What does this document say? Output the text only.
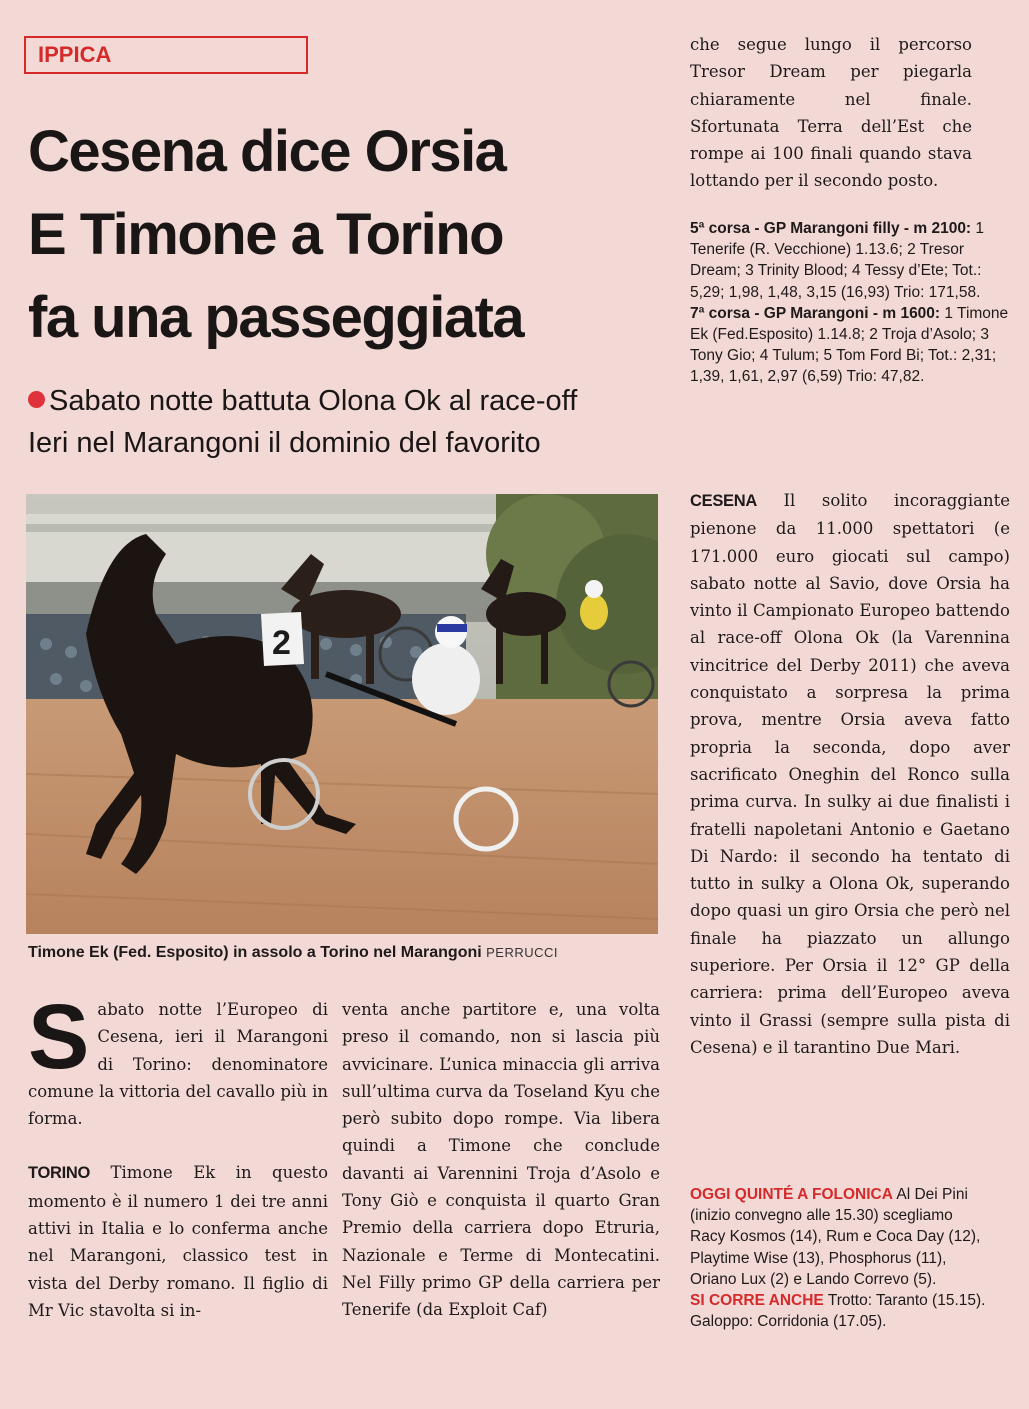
IPPICA
Cesena dice Orsia
E Timone a Torino
fa una passeggiata
Sabato notte battuta Olona Ok al race-off
Ieri nel Marangoni il dominio del favorito
2
Timone Ek (Fed. Esposito) in assolo a Torino nel Marangoni PERRUCCI

Sabato notte l’Europeo di Cesena, ieri il Marangoni di Torino: denominatore comune la vittoria del cavallo più in forma.

TORINO Timone Ek in questo momento è il numero 1 dei tre anni attivi in Italia e lo conferma anche nel Marangoni, classico test in vista del Derby romano. Il figlio di Mr Vic stavolta si in-

venta anche partitore e, una volta preso il comando, non si lascia più avvicinare. L’unica minaccia gli arriva sull’ultima curva da Toseland Kyu che però subito dopo rompe. Via libera quindi a Timone che conclude davanti ai Varennini Troja d’Asolo e Tony Giò e conquista il quarto Gran Premio della carriera dopo Etruria, Nazionale e Terme di Montecatini. Nel Filly primo GP della carriera per Tenerife (da Exploit Caf)

che segue lungo il percorso Tresor Dream per piegarla chiaramente nel finale. Sfortunata Terra dell’Est che rompe ai 100 finali quando stava lottando per il secondo posto.

5ª corsa - GP Marangoni filly - m 2100: 1 Tenerife (R. Vecchione) 1.13.6; 2 Tresor Dream; 3 Trinity Blood; 4 Tessy d’Ete; Tot.: 5,29; 1,98, 1,48, 3,15 (16,93) Trio: 171,58.

7ª corsa - GP Marangoni - m 1600: 1 Timone Ek (Fed.Esposito) 1.14.8; 2 Troja d’Asolo; 3 Tony Gio; 4 Tulum; 5 Tom Ford Bi; Tot.: 2,31; 1,39, 1,61, 2,97 (6,59) Trio: 47,82.

CESENA Il solito incoraggiante pienone da 11.000 spettatori (e 171.000 euro giocati sul campo) sabato notte al Savio, dove Orsia ha vinto il Campionato Europeo battendo al race-off Olona Ok (la Varennina vincitrice del Derby 2011) che aveva conquistato a sorpresa la prima prova, mentre Orsia aveva fatto propria la seconda, dopo aver sacrificato Oneghin del Ronco sulla prima curva. In sulky ai due finalisti i fratelli napoletani Antonio e Gaetano Di Nardo: il secondo ha tentato di tutto in sulky a Olona Ok, superando dopo quasi un giro Orsia che però nel finale ha piazzato un allungo superiore. Per Orsia il 12° GP della carriera: prima dell’Europeo aveva vinto il Grassi (sempre sulla pista di Cesena) e il tarantino Due Mari.

OGGI QUINTÉ A FOLONICA Al Dei Pini (inizio convegno alle 15.30) scegliamo Racy Kosmos (14), Rum e Coca Day (12), Playtime Wise (13), Phosphorus (11), Oriano Lux (2) e Lando Correvo (5).

SI CORRE ANCHE Trotto: Taranto (15.15). Galoppo: Corridonia (17.05).
